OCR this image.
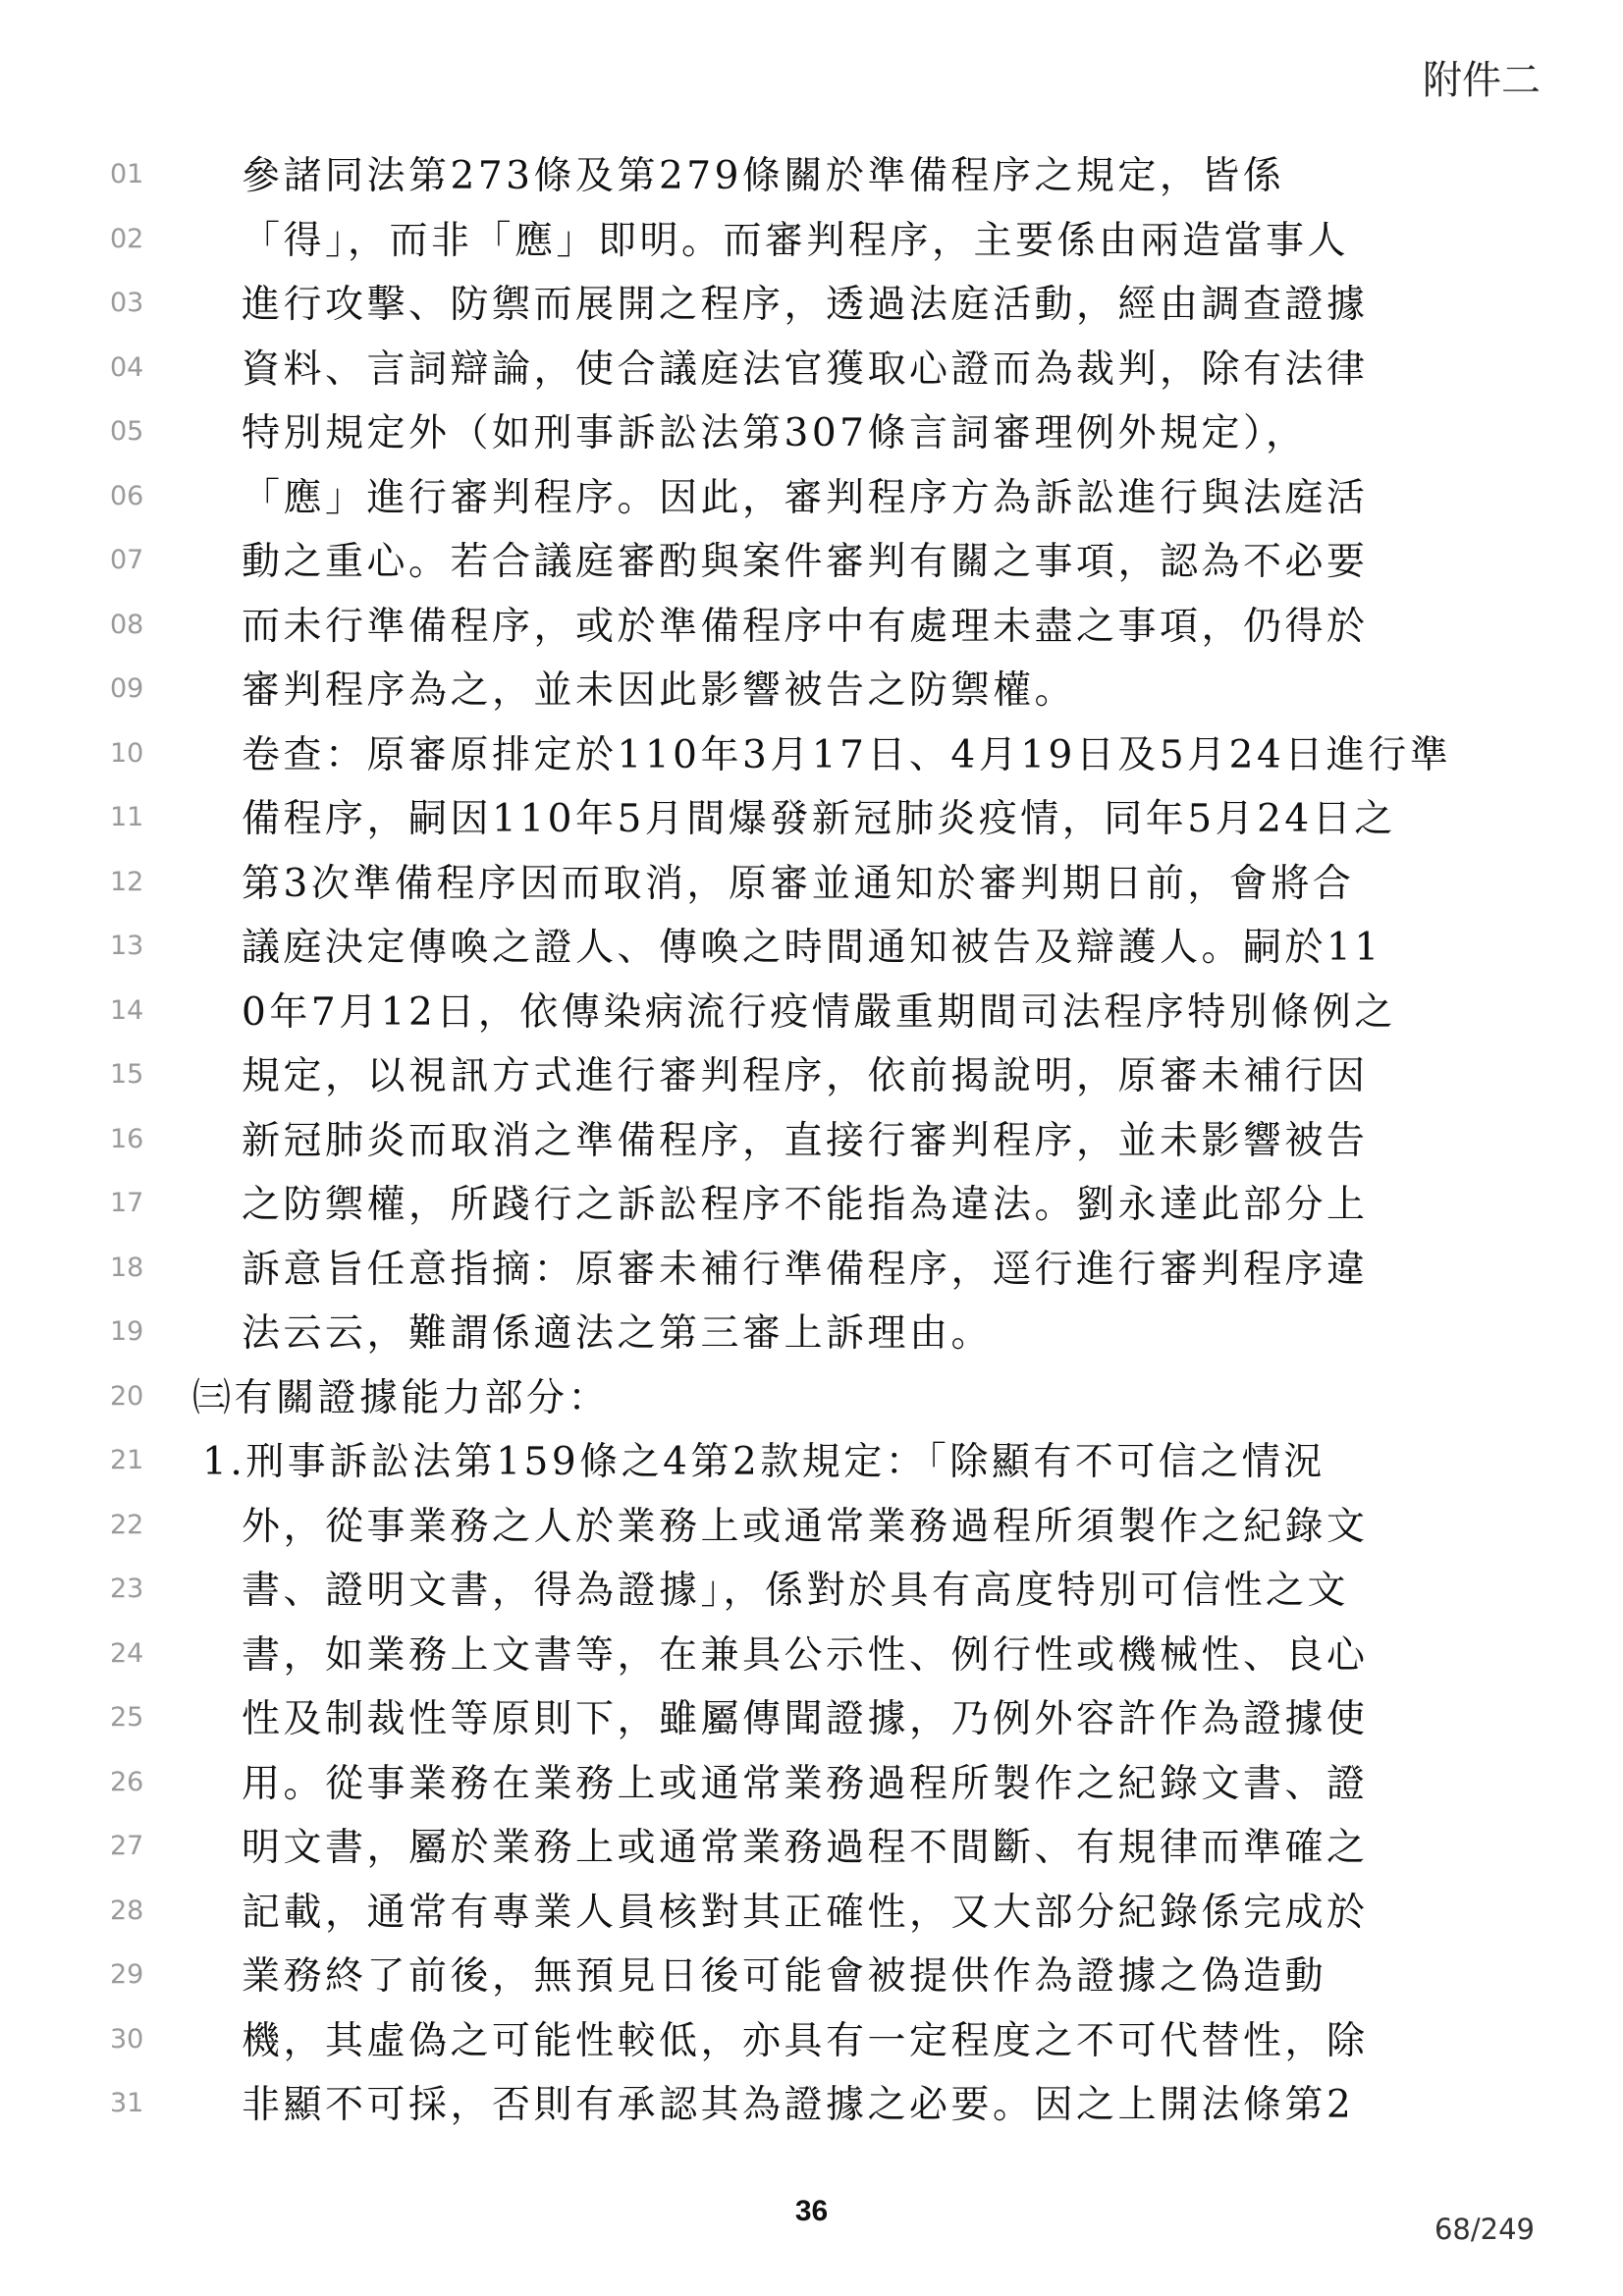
附件二
01	參諸同法第273條及第279條關於準備程序之規定，皆係
02	「得」，而非「應」即明。而審判程序，主要係由兩造當事人
03	進行攻擊、防禦而展開之程序，透過法庭活動，經由調查證據
04	資料、言詞辯論，使合議庭法官獲取心證而為裁判，除有法律
05	特別規定外（如刑事訴訟法第307條言詞審理例外規定），
06	「應」進行審判程序。因此，審判程序方為訴訟進行與法庭活
07	動之重心。若合議庭審酌與案件審判有關之事項，認為不必要
08	而未行準備程序，或於準備程序中有處理未盡之事項，仍得於
09	審判程序為之，並未因此影響被告之防禦權。
10	卷查：原審原排定於110年3月17日、4月19日及5月24日進行準
11	備程序，嗣因110年5月間爆發新冠肺炎疫情，同年5月24日之
12	第3次準備程序因而取消，原審並通知於審判期日前，會將合
13	議庭決定傳喚之證人、傳喚之時間通知被告及辯護人。嗣於11
14	0年7月12日，依傳染病流行疫情嚴重期間司法程序特別條例之
15	規定，以視訊方式進行審判程序，依前揭說明，原審未補行因
16	新冠肺炎而取消之準備程序，直接行審判程序，並未影響被告
17	之防禦權，所踐行之訴訟程序不能指為違法。劉永達此部分上
18	訴意旨任意指摘：原審未補行準備程序，逕行進行審判程序違
19	法云云，難謂係適法之第三審上訴理由。
20	㈢有關證據能力部分：
21	1.刑事訴訟法第159條之4第2款規定：「除顯有不可信之情況
22	外，從事業務之人於業務上或通常業務過程所須製作之紀錄文
23	書、證明文書，得為證據」，係對於具有高度特別可信性之文
24	書，如業務上文書等，在兼具公示性、例行性或機械性、良心
25	性及制裁性等原則下，雖屬傳聞證據，乃例外容許作為證據使
26	用。從事業務在業務上或通常業務過程所製作之紀錄文書、證
27	明文書，屬於業務上或通常業務過程不間斷、有規律而準確之
28	記載，通常有專業人員核對其正確性，又大部分紀錄係完成於
29	業務終了前後，無預見日後可能會被提供作為證據之偽造動
30	機，其虛偽之可能性較低，亦具有一定程度之不可代替性，除
31	非顯不可採，否則有承認其為證據之必要。因之上開法條第2
36
68/249
